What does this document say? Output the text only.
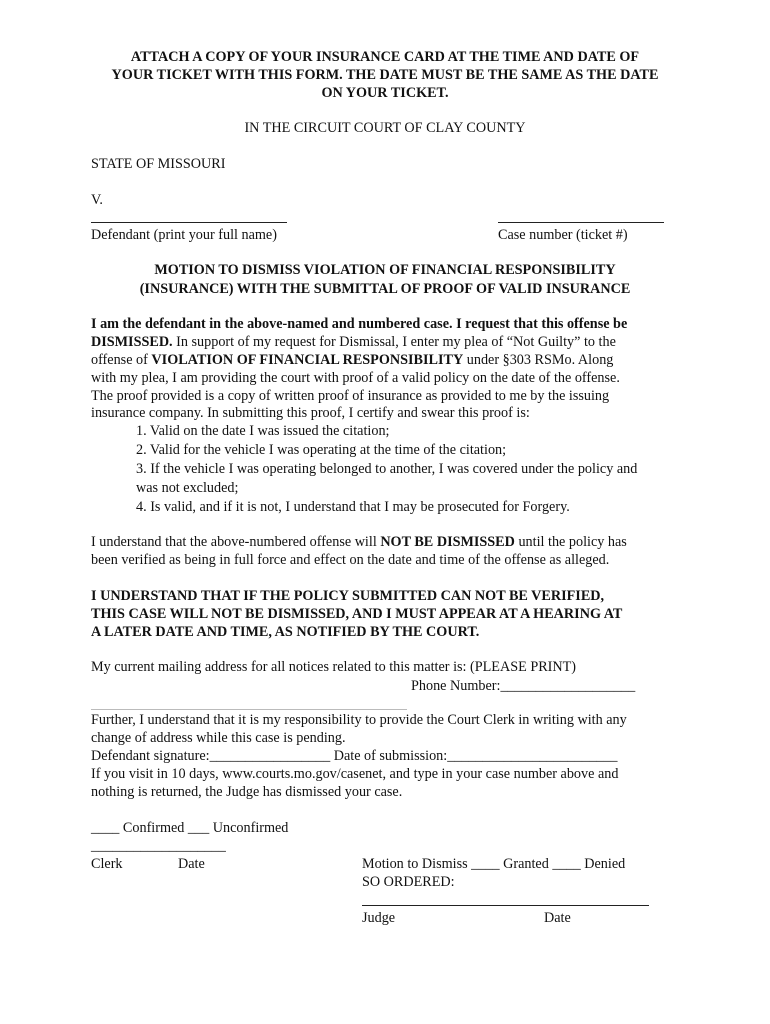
ATTACH A COPY OF YOUR INSURANCE CARD AT THE TIME AND DATE OF
YOUR TICKET WITH THIS FORM. THE DATE MUST BE THE SAME AS THE DATE
ON YOUR TICKET.
IN THE CIRCUIT COURT OF CLAY COUNTY
STATE OF MISSOURI
V.
Defendant (print your full name)	Case number (ticket #)
MOTION TO DISMISS VIOLATION OF FINANCIAL RESPONSIBILITY
(INSURANCE) WITH THE SUBMITTAL OF PROOF OF VALID INSURANCE
I am the defendant in the above-named and numbered case. I request that this offense be
DISMISSED. In support of my request for Dismissal, I enter my plea of “Not Guilty” to the
offense of VIOLATION OF FINANCIAL RESPONSIBILITY under §303 RSMo. Along
with my plea, I am providing the court with proof of a valid policy on the date of the offense.
The proof provided is a copy of written proof of insurance as provided to me by the issuing
insurance company. In submitting this proof, I certify and swear this proof is:
1. Valid on the date I was issued the citation;
2. Valid for the vehicle I was operating at the time of the citation;
3. If the vehicle I was operating belonged to another, I was covered under the policy and
was not excluded;
4. Is valid, and if it is not, I understand that I may be prosecuted for Forgery.
I understand that the above-numbered offense will NOT BE DISMISSED until the policy has
been verified as being in full force and effect on the date and time of the offense as alleged.
I UNDERSTAND THAT IF THE POLICY SUBMITTED CAN NOT BE VERIFIED,
THIS CASE WILL NOT BE DISMISSED, AND I MUST APPEAR AT A HEARING AT
A LATER DATE AND TIME, AS NOTIFIED BY THE COURT.
My current mailing address for all notices related to this matter is: (PLEASE PRINT)
Phone Number:___________________
Further, I understand that it is my responsibility to provide the Court Clerk in writing with any
change of address while this case is pending.
Defendant signature:_________________ Date of submission:________________________
If you visit in 10 days, www.courts.mo.gov/casenet, and type in your case number above and
nothing is returned, the Judge has dismissed your case.
____ Confirmed ___ Unconfirmed
___________________
Clerk	Date	Motion to Dismiss ____ Granted ____ Denied
SO ORDERED:
Judge	Date
